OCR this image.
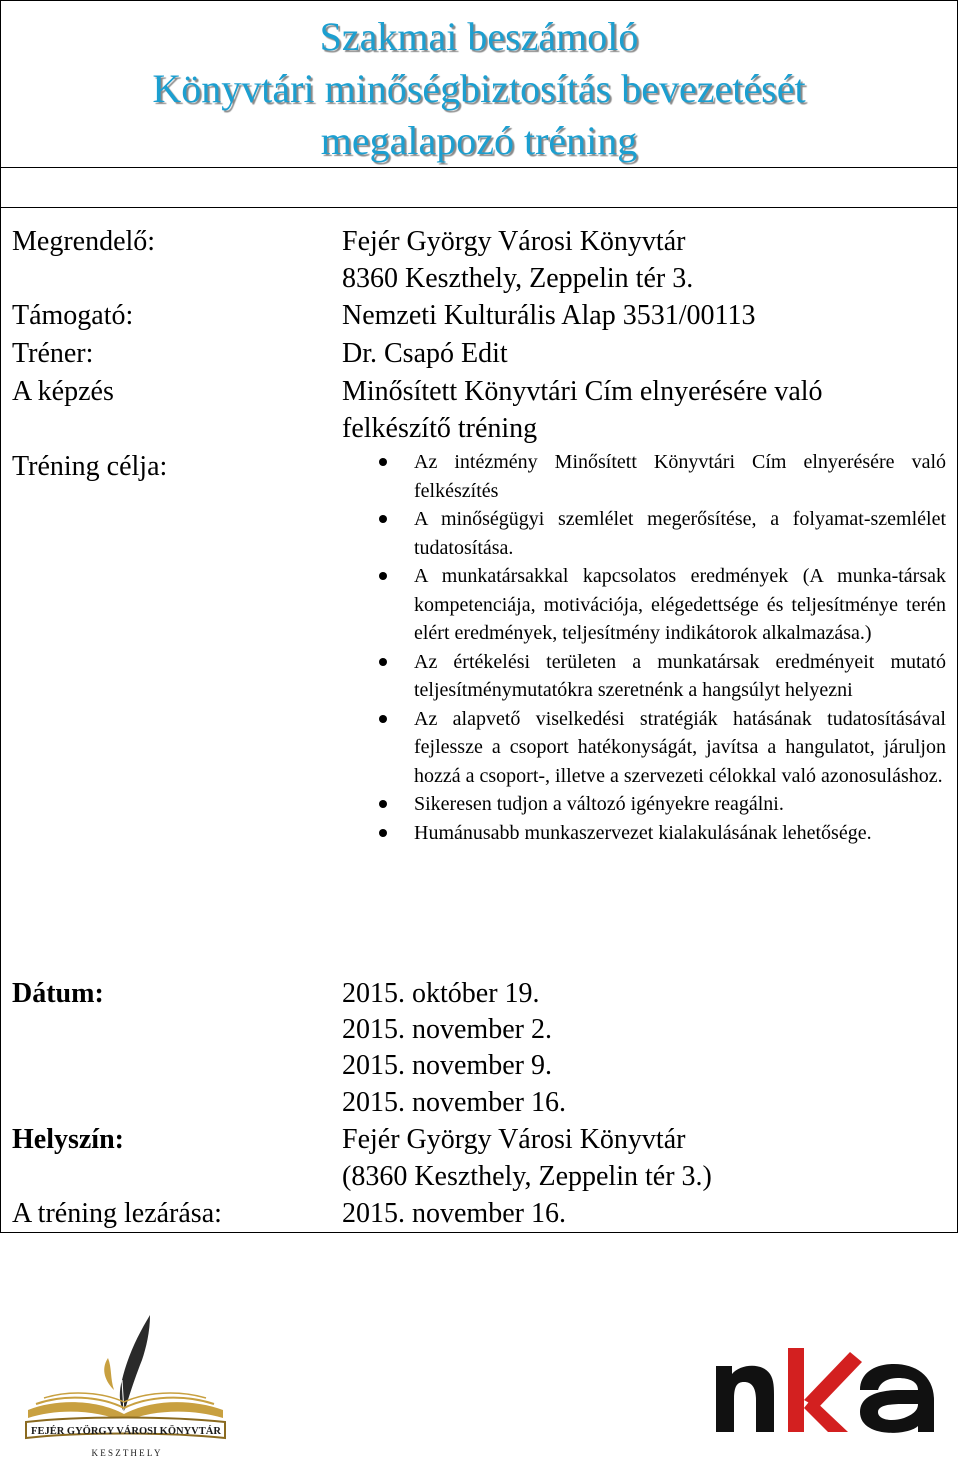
Szakmai beszámoló
Könyvtári minőségbiztosítás bevezetését
megalapozó tréning
Megrendelő:	Fejér György Városi Könyvtár
8360 Keszthely, Zeppelin tér 3.
Támogató:	Nemzeti Kulturális Alap 3531/00113
Tréner:	Dr. Csapó Edit
A képzés	Minősített Könyvtári Cím elnyerésére való
felkészítő tréning
Tréning célja:	Az intézmény Minősített Könyvtári Cím elnyerésére való felkészítés
A minőségügyi szemlélet megerősítése, a folyamat-szemlélet tudatosítása.
A munkatársakkal kapcsolatos eredmények (A munka-társak kompetenciája, motivációja, elégedettsége és teljesítménye terén elért eredmények, teljesítmény indikátorok alkalmazása.)
Az értékelési területen a munkatársak eredményeit mutató teljesítménymutatókra szeretnénk a hangsúlyt helyezni
Az alapvető viselkedési stratégiák hatásának tudatosításával fejlessze a csoport hatékonyságát, javítsa a hangulatot, járuljon hozzá a csoport-, illetve a szervezeti célokkal való azonosuláshoz.
Sikeresen tudjon a változó igényekre reagálni.
Humánusabb munkaszervezet kialakulásának lehetősége.
Dátum:	2015. október 19.
2015. november 2.
2015. november 9.
2015. november 16.
Helyszín:	Fejér György Városi Könyvtár
(8360 Keszthely, Zeppelin tér 3.)
A tréning lezárása:	2015. november 16.
FEJÉR GYÖRGY VÁROSI KÖNYVTÁR
K E S Z T H E L Y
nka
